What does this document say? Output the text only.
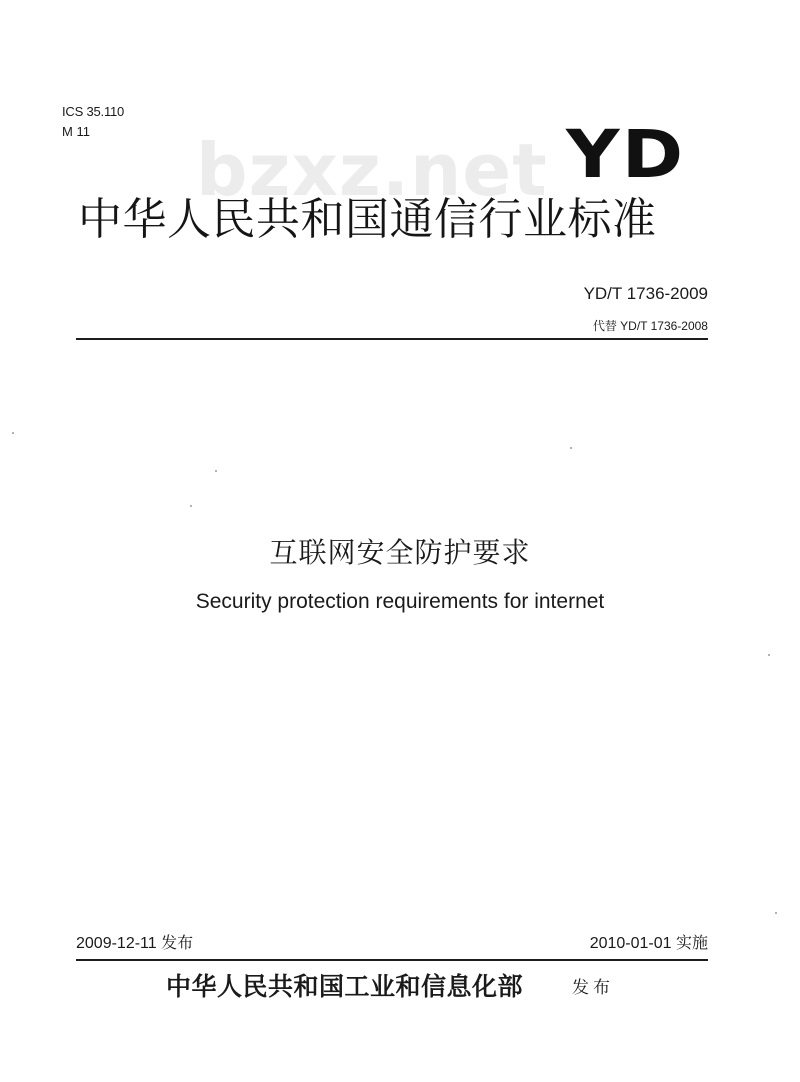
ICS 35.110
M 11 bzxz.net YD
中华人民共和国通信行业标准
YD/T 1736-2009
代替 YD/T 1736-2008
互联网安全防护要求
Security protection requirements for internet
2009-12-11 发布	2010-01-01 实施
中华人民共和国工业和信息化部	发布
